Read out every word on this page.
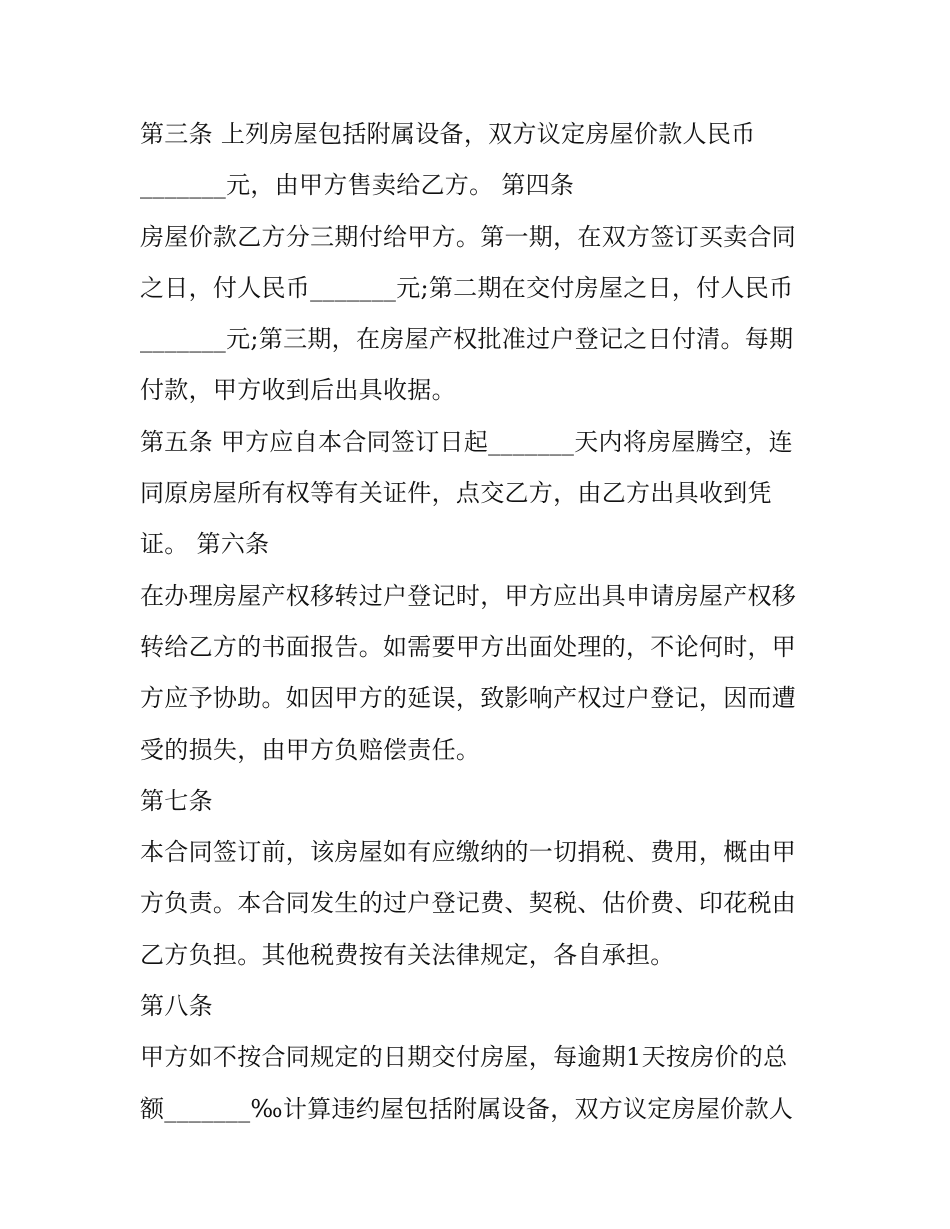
第三条 上列房屋包括附属设备，双方议定房屋价款人民币
_______元，由甲方售卖给乙方。 第四条
房屋价款乙方分三期付给甲方。第一期，在双方签订买卖合同
之日，付人民币_______元;第二期在交付房屋之日，付人民币
_______元;第三期，在房屋产权批准过户登记之日付清。每期
付款，甲方收到后出具收据。
第五条 甲方应自本合同签订日起_______天内将房屋腾空，连
同原房屋所有权等有关证件，点交乙方，由乙方出具收到凭
证。 第六条
在办理房屋产权移转过户登记时，甲方应出具申请房屋产权移
转给乙方的书面报告。如需要甲方出面处理的，不论何时，甲
方应予协助。如因甲方的延误，致影响产权过户登记，因而遭
受的损失，由甲方负赔偿责任。
第七条
本合同签订前，该房屋如有应缴纳的一切捐税、费用，概由甲
方负责。本合同发生的过户登记费、契税、估价费、印花税由
乙方负担。其他税费按有关法律规定，各自承担。
第八条
甲方如不按合同规定的日期交付房屋，每逾期1天按房价的总
额_______‰计算违约屋包括附属设备，双方议定房屋价款人
